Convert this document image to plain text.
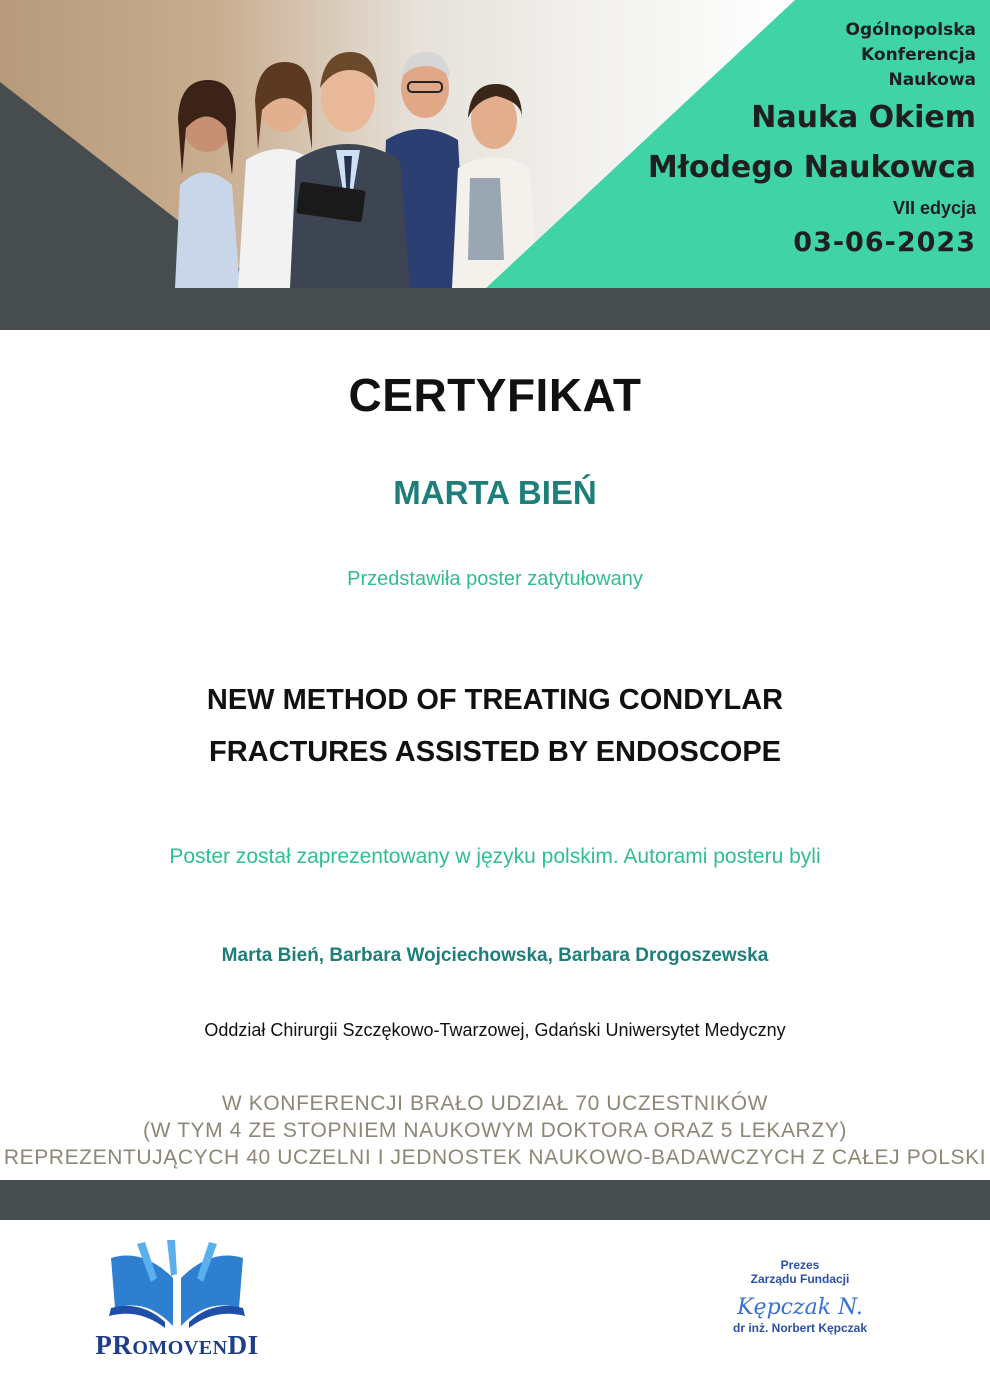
Ogólnopolska
Konferencja
Naukowa
Nauka Okiem
Młodego Naukowca
VII edycja
03-06-2023
CERTYFIKAT
MARTA BIEŃ
Przedstawiła poster zatytułowany
NEW METHOD OF TREATING CONDYLAR
FRACTURES ASSISTED BY ENDOSCOPE
Poster został zaprezentowany w języku polskim. Autorami posteru byli
Marta Bień, Barbara Wojciechowska, Barbara Drogoszewska
Oddział Chirurgii Szczękowo-Twarzowej, Gdański Uniwersytet Medyczny
W KONFERENCJI BRAŁO UDZIAŁ 70 UCZESTNIKÓW
(W TYM 4 ZE STOPNIEM NAUKOWYM DOKTORA ORAZ 5 LEKARZY)
REPREZENTUJĄCYCH 40 UCZELNI I JEDNOSTEK NAUKOWO-BADAWCZYCH Z CAŁEJ POLSKI
PROMOVENDI
Prezes
Zarządu Fundacji
Kępczak N.
dr inż. Norbert Kępczak
